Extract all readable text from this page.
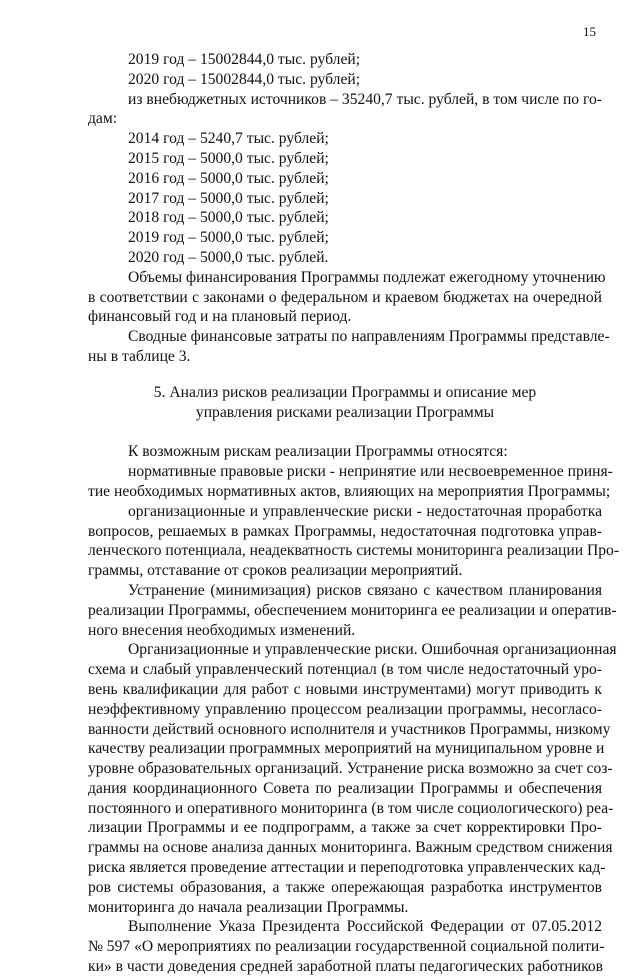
15
2019 год – 15002844,0 тыс. рублей;
2020 год – 15002844,0 тыс. рублей;
из внебюджетных источников – 35240,7 тыс. рублей, в том числе по го-
дам:
2014 год – 5240,7 тыс. рублей;
2015 год – 5000,0 тыс. рублей;
2016 год – 5000,0 тыс. рублей;
2017 год – 5000,0 тыс. рублей;
2018 год – 5000,0 тыс. рублей;
2019 год – 5000,0 тыс. рублей;
2020 год – 5000,0 тыс. рублей.
Объемы финансирования Программы подлежат ежегодному уточнению
в соответствии с законами о федеральном и краевом бюджетах на очередной
финансовый год и на плановый период.
Сводные финансовые затраты по направлениям Программы представле-
ны в таблице 3.
5. Анализ рисков реализации Программы и описание мер
управления рисками реализации Программы
К возможным рискам реализации Программы относятся:
нормативные правовые риски - непринятие или несвоевременное приня-
тие необходимых нормативных актов, влияющих на мероприятия Программы;
организационные и управленческие риски - недостаточная проработка
вопросов, решаемых в рамках Программы, недостаточная подготовка управ-
ленческого потенциала, неадекватность системы мониторинга реализации Про-
граммы, отставание от сроков реализации мероприятий.
Устранение (минимизация) рисков связано с качеством планирования
реализации Программы, обеспечением мониторинга ее реализации и оператив-
ного внесения необходимых изменений.
Организационные и управленческие риски. Ошибочная организационная
схема и слабый управленческий потенциал (в том числе недостаточный уро-
вень квалификации для работ с новыми инструментами) могут приводить к
неэффективному управлению процессом реализации программы, несогласо-
ванности действий основного исполнителя и участников Программы, низкому
качеству реализации программных мероприятий на муниципальном уровне и
уровне образовательных организаций. Устранение риска возможно за счет соз-
дания координационного Совета по реализации Программы и обеспечения
постоянного и оперативного мониторинга (в том числе социологического) реа-
лизации Программы и ее подпрограмм, а также за счет корректировки Про-
граммы на основе анализа данных мониторинга. Важным средством снижения
риска является проведение аттестации и переподготовка управленческих кад-
ров системы образования, а также опережающая разработка инструментов
мониторинга до начала реализации Программы.
Выполнение Указа Президента Российской Федерации от 07.05.2012
№ 597 «О мероприятиях по реализации государственной социальной полити-
ки» в части доведения средней заработной платы педагогических работников
